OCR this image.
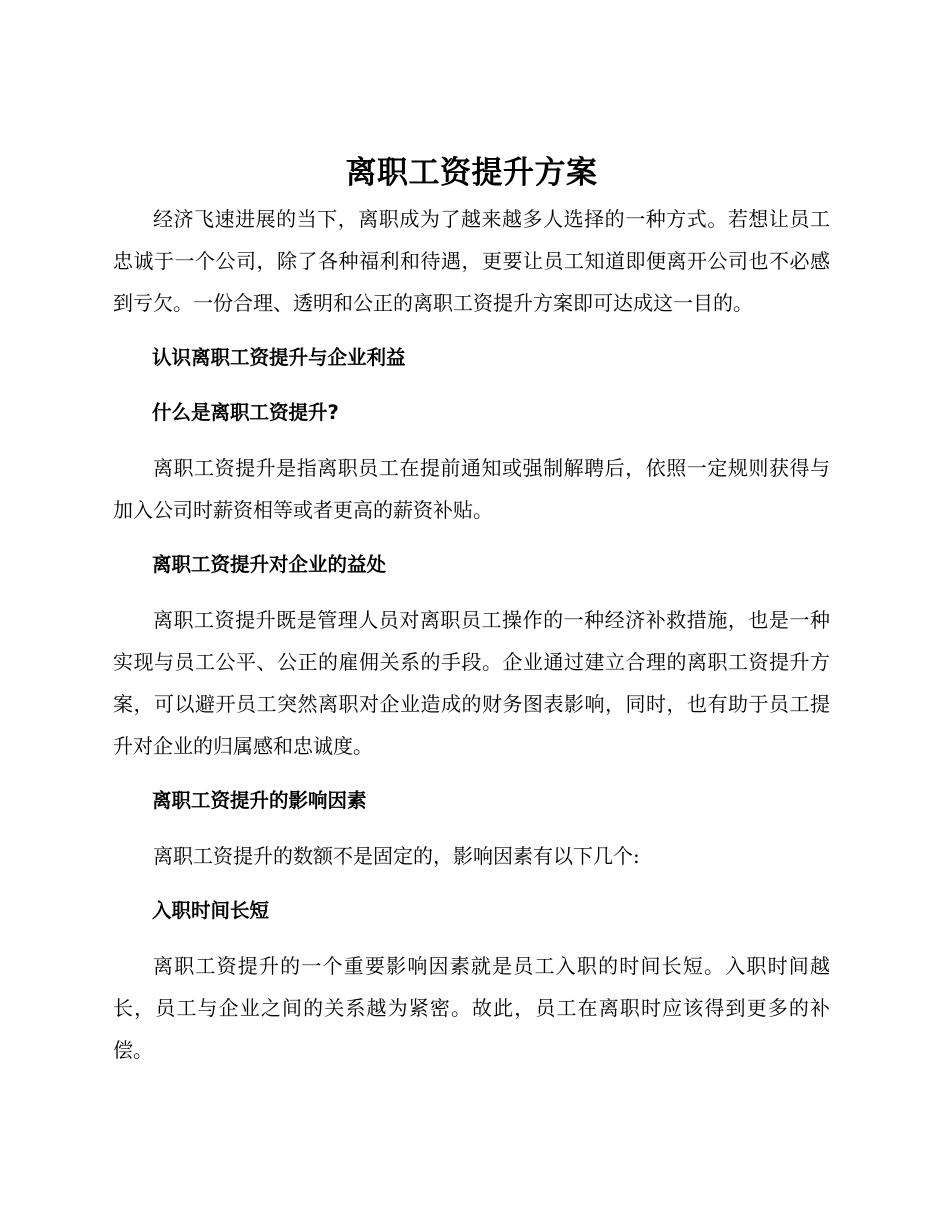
离职工资提升方案

经济飞速进展的当下，离职成为了越来越多人选择的一种方式。若想让员工忠诚于一个公司，除了各种福利和待遇，更要让员工知道即便离开公司也不必感到亏欠。一份合理、透明和公正的离职工资提升方案即可达成这一目的。

认识离职工资提升与企业利益

什么是离职工资提升?

离职工资提升是指离职员工在提前通知或强制解聘后，依照一定规则获得与加入公司时薪资相等或者更高的薪资补贴。

离职工资提升对企业的益处

离职工资提升既是管理人员对离职员工操作的一种经济补救措施，也是一种实现与员工公平、公正的雇佣关系的手段。企业通过建立合理的离职工资提升方案，可以避开员工突然离职对企业造成的财务图表影响，同时，也有助于员工提升对企业的归属感和忠诚度。

离职工资提升的影响因素

离职工资提升的数额不是固定的，影响因素有以下几个:

入职时间长短

离职工资提升的一个重要影响因素就是员工入职的时间长短。入职时间越长，员工与企业之间的关系越为紧密。故此，员工在离职时应该得到更多的补偿。
